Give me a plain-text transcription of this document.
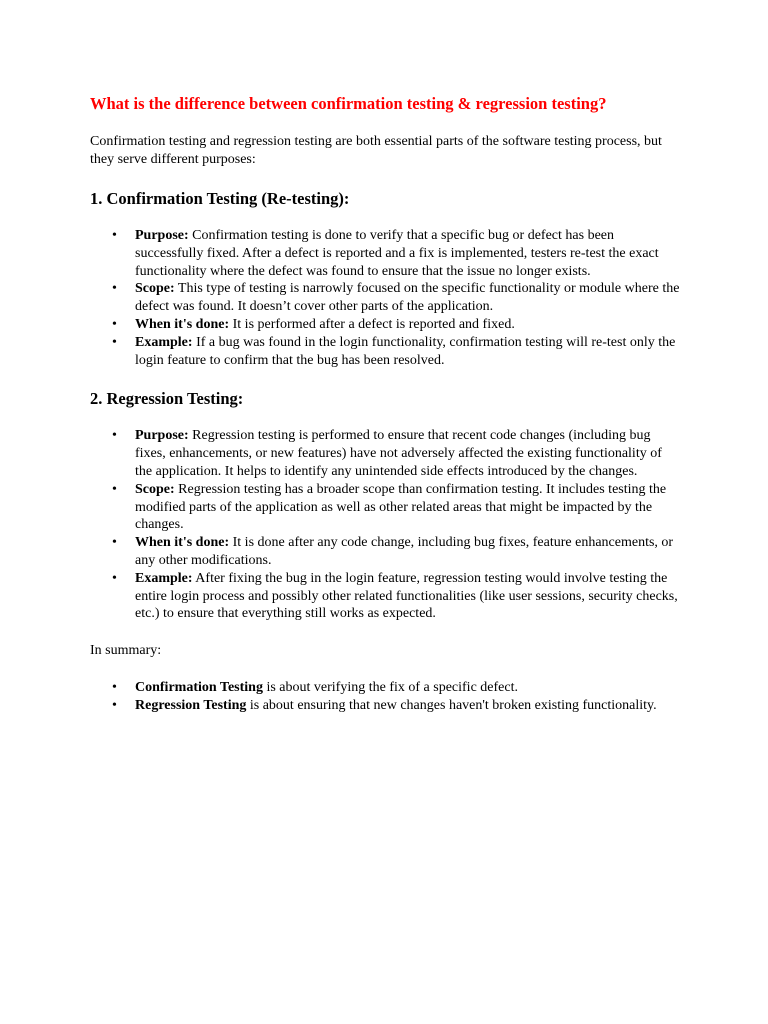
What is the difference between confirmation testing & regression testing?

Confirmation testing and regression testing are both essential parts of the software testing process, but they serve different purposes:

1. Confirmation Testing (Re-testing):
• Purpose: Confirmation testing is done to verify that a specific bug or defect has been successfully fixed. After a defect is reported and a fix is implemented, testers re-test the exact functionality where the defect was found to ensure that the issue no longer exists.
• Scope: This type of testing is narrowly focused on the specific functionality or module where the defect was found. It doesn’t cover other parts of the application.
• When it's done: It is performed after a defect is reported and fixed.
• Example: If a bug was found in the login functionality, confirmation testing will re-test only the login feature to confirm that the bug has been resolved.
2. Regression Testing:
• Purpose: Regression testing is performed to ensure that recent code changes (including bug fixes, enhancements, or new features) have not adversely affected the existing functionality of the application. It helps to identify any unintended side effects introduced by the changes.
• Scope: Regression testing has a broader scope than confirmation testing. It includes testing the modified parts of the application as well as other related areas that might be impacted by the changes.
• When it's done: It is done after any code change, including bug fixes, feature enhancements, or any other modifications.
• Example: After fixing the bug in the login feature, regression testing would involve testing the entire login process and possibly other related functionalities (like user sessions, security checks, etc.) to ensure that everything still works as expected.

In summary:

• Confirmation Testing is about verifying the fix of a specific defect.
• Regression Testing is about ensuring that new changes haven't broken existing functionality.
